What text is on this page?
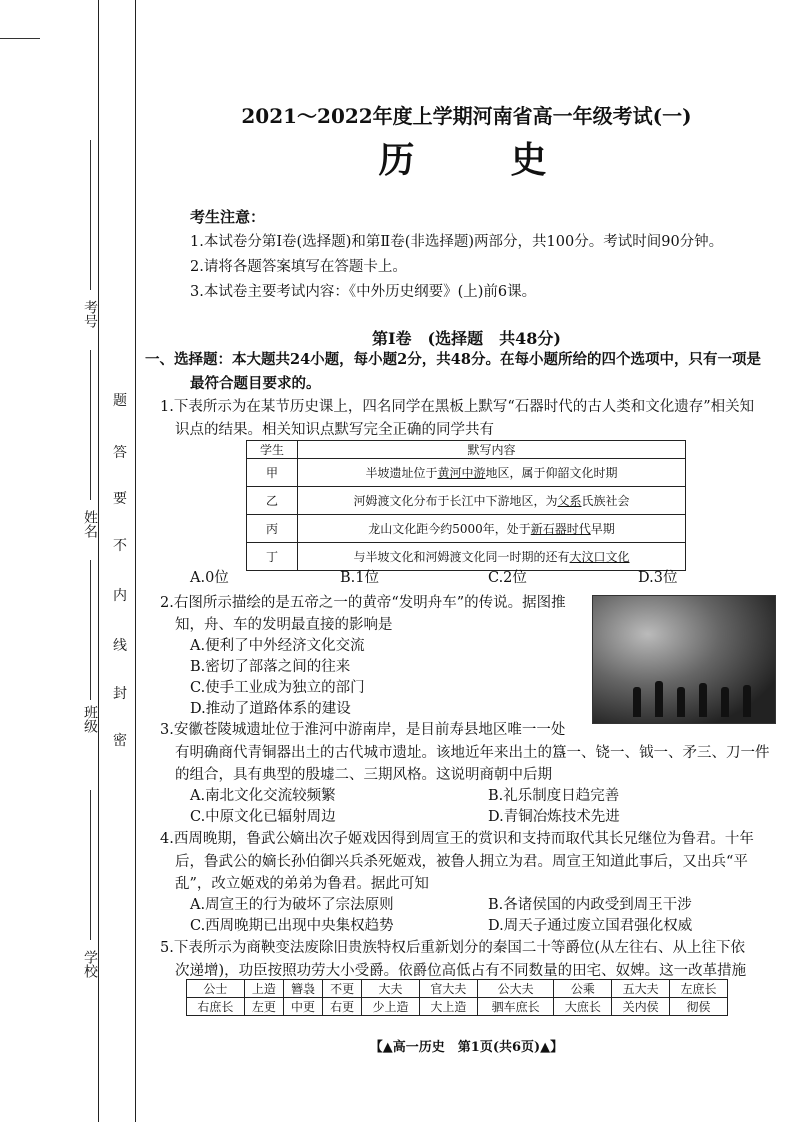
考号
姓名
班级
学校
题
答
要
不
内
线
封
密
2021～2022年度上学期河南省高一年级考试(一)
历　　史

考生注意：

1.本试卷分第Ⅰ卷(选择题)和第Ⅱ卷(非选择题)两部分，共100分。考试时间90分钟。

2.请将各题答案填写在答题卡上。

3.本试卷主要考试内容：《中外历史纲要》(上)前6课。

第Ⅰ卷　(选择题　共48分)

一、选择题：本大题共24小题，每小题2分，共48分。在每小题所给的四个选项中，只有一项是

最符合题目要求的。

1.下表所示为在某节历史课上，四名同学在黑板上默写“石器时代的古人类和文化遗存”相关知

识点的结果。相关知识点默写完全正确的同学共有

学生	默写内容
甲	半坡遗址位于黄河中游地区，属于仰韶文化时期
乙	河姆渡文化分布于长江中下游地区，为父系氏族社会
丙	龙山文化距今约5000年，处于新石器时代早期
丁	与半坡文化和河姆渡文化同一时期的还有大汶口文化

A.0位	B.1位	C.2位	D.3位

2.右图所示描绘的是五帝之一的黄帝“发明舟车”的传说。据图推

知，舟、车的发明最直接的影响是

A.便利了中外经济文化交流

B.密切了部落之间的往来

C.使手工业成为独立的部门

D.推动了道路体系的建设

3.安徽苍陵城遗址位于淮河中游南岸，是目前寿县地区唯一一处

有明确商代青铜器出土的古代城市遗址。该地近年来出土的簋一、铙一、钺一、矛三、刀一件

的组合，具有典型的殷墟二、三期风格。这说明商朝中后期

A.南北文化交流较频繁	B.礼乐制度日趋完善

C.中原文化已辐射周边	D.青铜冶炼技术先进

4.西周晚期，鲁武公嫡出次子姬戏因得到周宣王的赏识和支持而取代其长兄继位为鲁君。十年

后，鲁武公的嫡长孙伯御兴兵杀死姬戏，被鲁人拥立为君。周宣王知道此事后，又出兵“平

乱”，改立姬戏的弟弟为鲁君。据此可知

A.周宣王的行为破坏了宗法原则	B.各诸侯国的内政受到周王干涉

C.西周晚期已出现中央集权趋势	D.周天子通过废立国君强化权威

5.下表所示为商鞅变法废除旧贵族特权后重新划分的秦国二十等爵位(从左往右、从上往下依

次递增)，功臣按照功劳大小受爵。依爵位高低占有不同数量的田宅、奴婢。这一改革措施

公士	上造	簪袅	不更	大夫	官大夫	公大夫	公乘	五大夫	左庶长
右庶长	左更	中更	右更	少上造	大上造	驷车庶长	大庶长	关内侯	彻侯
【▲高一历史　第1页(共6页)▲】
